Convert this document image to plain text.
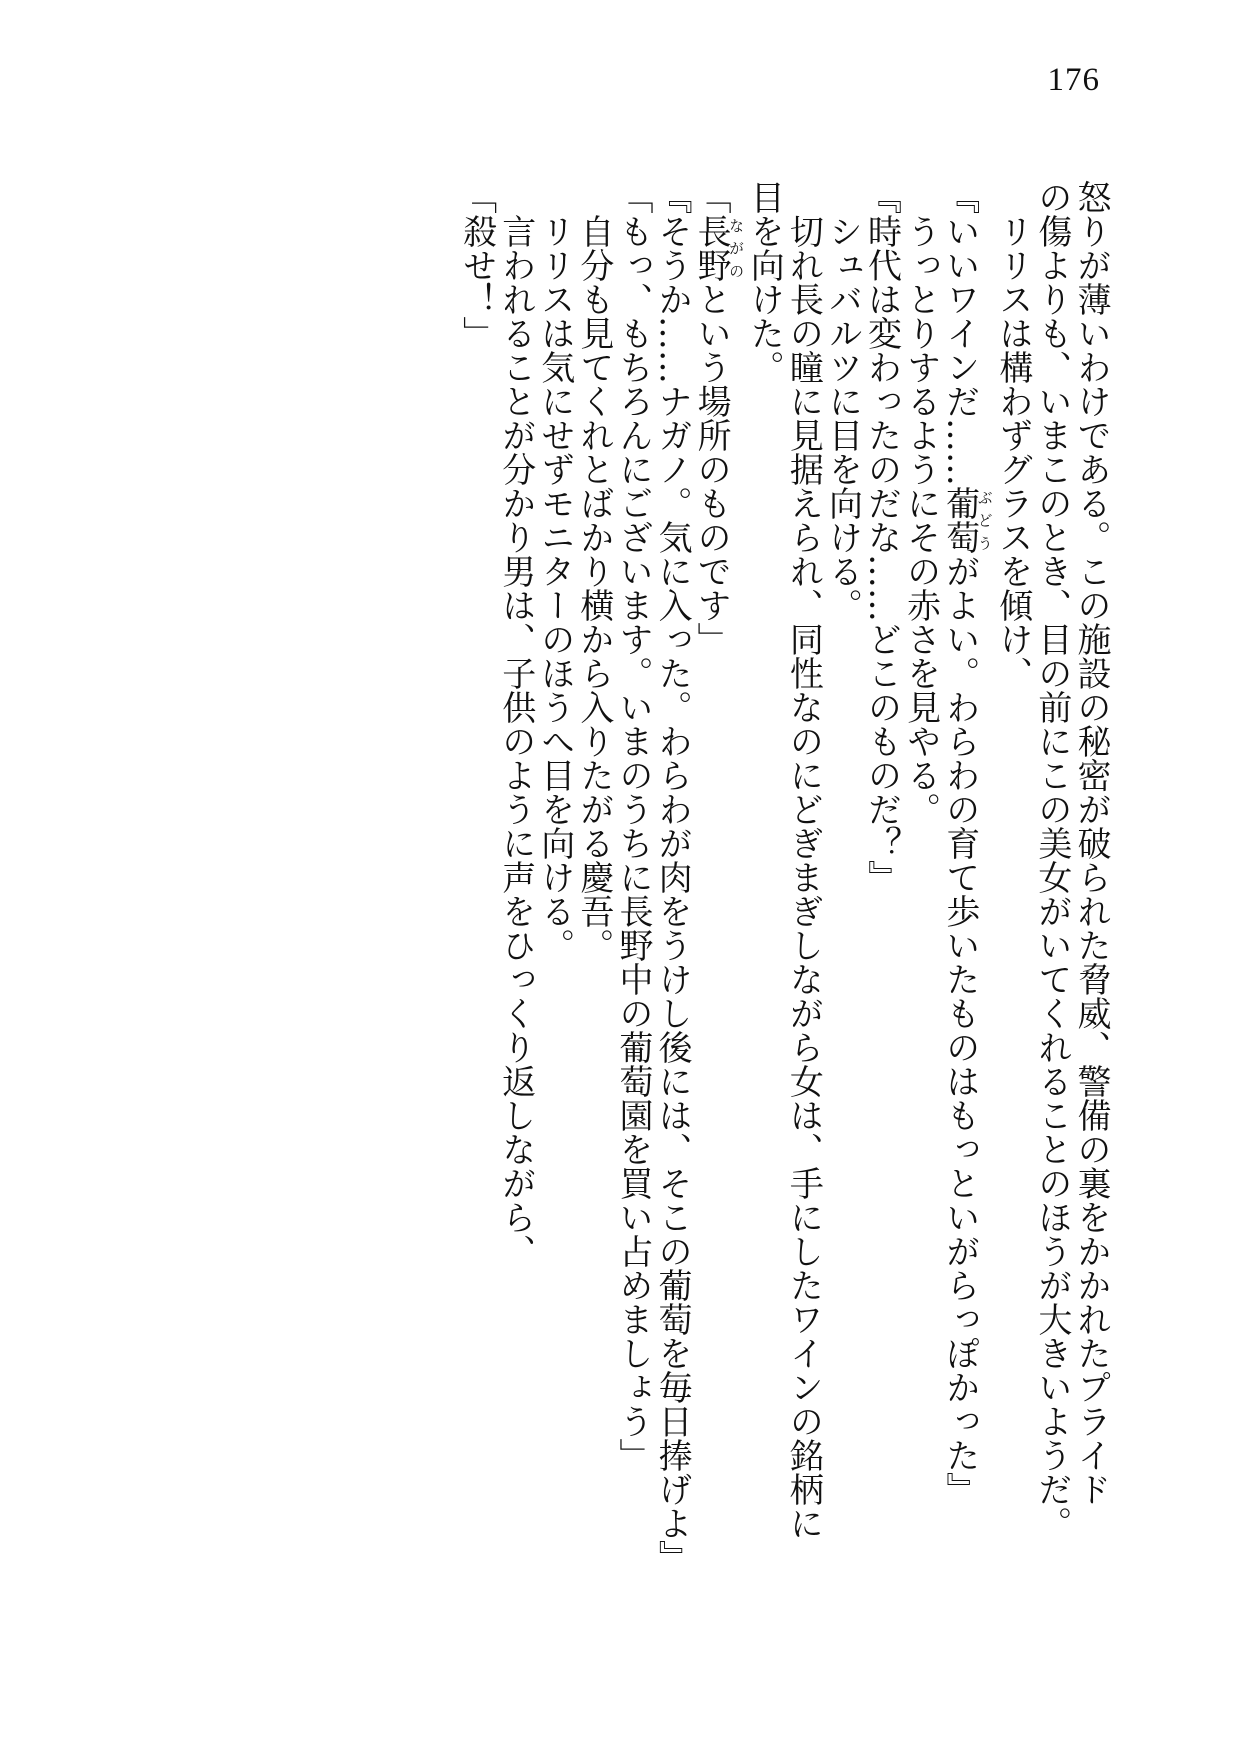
176
怒りが薄いわけである。この施設の秘密が破られた脅威、警備の裏をかかれたプライド
の傷よりも、いまこのとき、目の前にこの美女がいてくれることのほうが大きいようだ。
　リリスは構わずグラスを傾け、
『いいワインだ……葡萄ぶどうがよい。わらわの育て歩いたものはもっといがらっぽかった』
　うっとりするようにその赤さを見やる。
『時代は変わったのだな……どこのものだ？』
　シュバルツに目を向ける。
　切れ長の瞳に見据えられ、同性なのにどぎまぎしながら女は、手にしたワインの銘柄に
目を向けた。
「長野ながのという場所のものです」
『そうか……ナガノ。気に入った。わらわが肉をうけし後には、そこの葡萄を毎日捧げよ』
「もっ、もちろんにございます。いまのうちに長野中の葡萄園を買い占めましょう」
　自分も見てくれとばかり横から入りたがる慶吾。
　リリスは気にせずモニターのほうへ目を向ける。
　言われることが分かり男は、子供のように声をひっくり返しながら、
「殺せ！」
